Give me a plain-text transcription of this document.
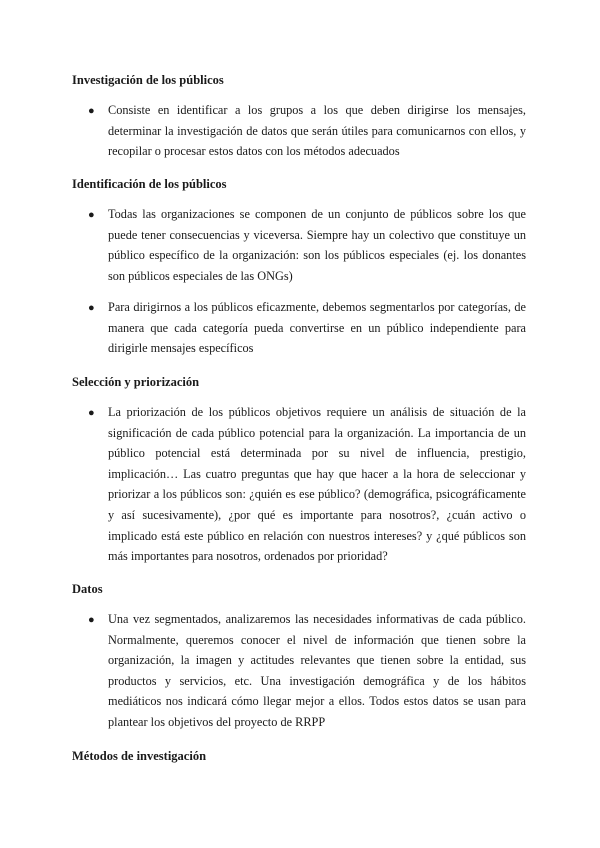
Investigación de los públicos
● Consiste en identificar a los grupos a los que deben dirigirse los mensajes, determinar la investigación de datos que serán útiles para comunicarnos con ellos, y recopilar o procesar estos datos con los métodos adecuados
Identificación de los públicos
● Todas las organizaciones se componen de un conjunto de públicos sobre los que puede tener consecuencias y viceversa. Siempre hay un colectivo que constituye un público específico de la organización: son los públicos especiales (ej. los donantes son públicos especiales de las ONGs)
● Para dirigirnos a los públicos eficazmente, debemos segmentarlos por categorías, de manera que cada categoría pueda convertirse en un público independiente para dirigirle mensajes específicos
Selección y priorización
● La priorización de los públicos objetivos requiere un análisis de situación de la significación de cada público potencial para la organización. La importancia de un público potencial está determinada por su nivel de influencia, prestigio, implicación… Las cuatro preguntas que hay que hacer a la hora de seleccionar y priorizar a los públicos son: ¿quién es ese público? (demográfica, psicográficamente y así sucesivamente), ¿por qué es importante para nosotros?, ¿cuán activo o implicado está este público en relación con nuestros intereses? y ¿qué públicos son más importantes para nosotros, ordenados por prioridad?
Datos
● Una vez segmentados, analizaremos las necesidades informativas de cada público. Normalmente, queremos conocer el nivel de información que tienen sobre la organización, la imagen y actitudes relevantes que tienen sobre la entidad, sus productos y servicios, etc. Una investigación demográfica y de los hábitos mediáticos nos indicará cómo llegar mejor a ellos. Todos estos datos se usan para plantear los objetivos del proyecto de RRPP
Métodos de investigación
